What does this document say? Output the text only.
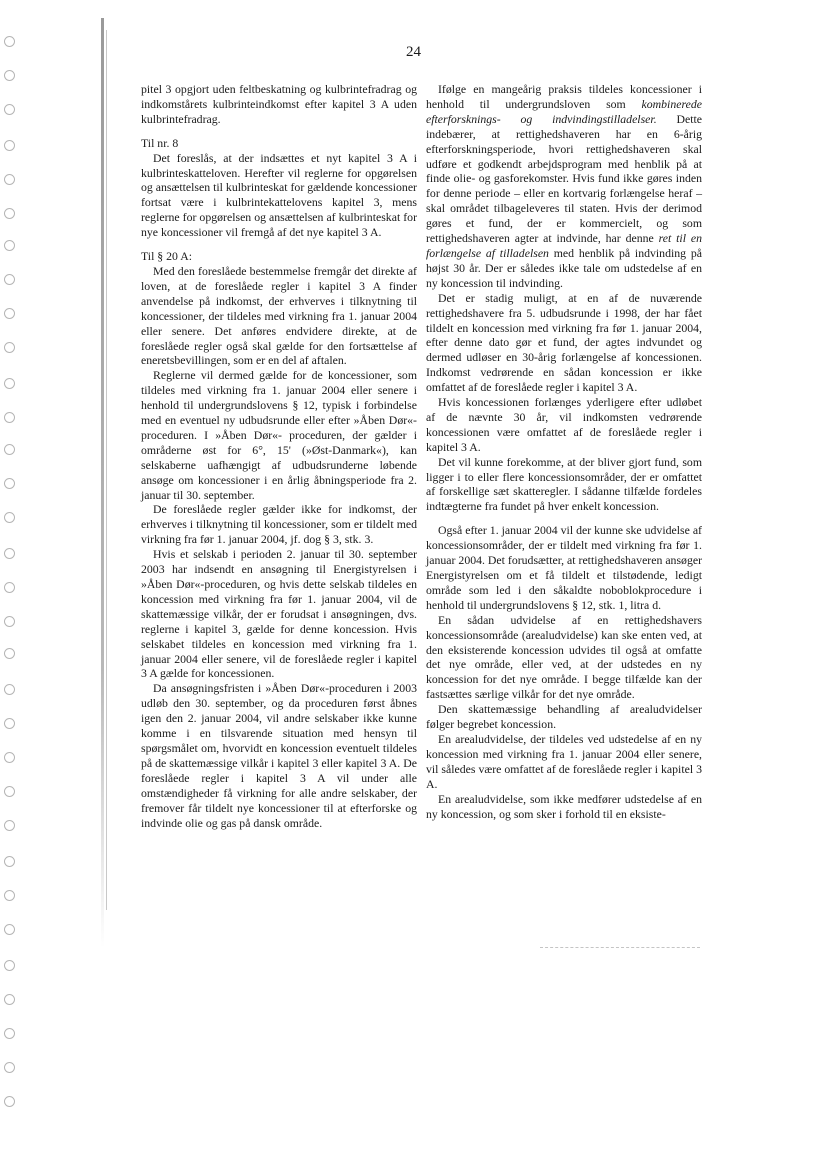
24

pitel 3 opgjort uden feltbeskatning og kulbrintefradrag og indkomstårets kulbrinteindkomst efter kapitel 3 A uden kulbrintefradrag.

Til nr. 8

Det foreslås, at der indsættes et nyt kapitel 3 A i kulbrinteskatteloven. Herefter vil reglerne for opgørelsen og ansættelsen til kulbrinteskat for gældende koncessioner fortsat være i kulbrintekattelovens kapitel 3, mens reglerne for opgørelsen og ansættelsen af kulbrinteskat for nye koncessioner vil fremgå af det nye kapitel 3 A.

Til § 20 A:

Med den foreslåede bestemmelse fremgår det direkte af loven, at de foreslåede regler i kapitel 3 A finder anvendelse på indkomst, der erhverves i tilknytning til koncessioner, der tildeles med virkning fra 1. januar 2004 eller senere. Det anføres endvidere direkte, at de foreslåede regler også skal gælde for den fortsættelse af eneretsbevillingen, som er en del af aftalen.

Reglerne vil dermed gælde for de koncessioner, som tildeles med virkning fra 1. januar 2004 eller senere i henhold til undergrundslovens § 12, typisk i forbindelse med en eventuel ny udbudsrunde eller efter »Åben Dør«-proceduren. I »Åben Dør«- proceduren, der gælder i områderne øst for 6°, 15' (»Øst-Danmark«), kan selskaberne uafhængigt af udbudsrunderne løbende ansøge om koncessioner i en årlig åbningsperiode fra 2. januar til 30. september.

De foreslåede regler gælder ikke for indkomst, der erhverves i tilknytning til koncessioner, som er tildelt med virkning fra før 1. januar 2004, jf. dog § 3, stk. 3.

Hvis et selskab i perioden 2. januar til 30. september 2003 har indsendt en ansøgning til Energistyrelsen i »Åben Dør«-proceduren, og hvis dette selskab tildeles en koncession med virkning fra før 1. januar 2004, vil de skattemæssige vilkår, der er forudsat i ansøgningen, dvs. reglerne i kapitel 3, gælde for denne koncession. Hvis selskabet tildeles en koncession med virkning fra 1. januar 2004 eller senere, vil de foreslåede regler i kapitel 3 A gælde for koncessionen.

Da ansøgningsfristen i »Åben Dør«-proceduren i 2003 udløb den 30. september, og da proceduren først åbnes igen den 2. januar 2004, vil andre selskaber ikke kunne komme i en tilsvarende situation med hensyn til spørgsmålet om, hvorvidt en koncession eventuelt tildeles på de skattemæssige vilkår i kapitel 3 eller kapitel 3 A. De foreslåede regler i kapitel 3 A vil under alle omstændigheder få virkning for alle andre selskaber, der fremover får tildelt nye koncessioner til at efterforske og indvinde olie og gas på dansk område.

Ifølge en mangeårig praksis tildeles koncessioner i henhold til undergrundsloven som kombinerede efterforsknings- og indvindingstilladelser. Dette indebærer, at rettighedshaveren har en 6-årig efterforskningsperiode, hvori rettighedshaveren skal udføre et godkendt arbejdsprogram med henblik på at finde olie- og gasforekomster. Hvis fund ikke gøres inden for denne periode – eller en kortvarig forlængelse heraf – skal området tilbageleveres til staten. Hvis der derimod gøres et fund, der er kommercielt, og som rettighedshaveren agter at indvinde, har denne ret til en forlængelse af tilladelsen med henblik på indvinding på højst 30 år. Der er således ikke tale om udstedelse af en ny koncession til indvinding.

Det er stadig muligt, at en af de nuværende rettighedshavere fra 5. udbudsrunde i 1998, der har fået tildelt en koncession med virkning fra før 1. januar 2004, efter denne dato gør et fund, der agtes indvundet og dermed udløser en 30-årig forlængelse af koncessionen. Indkomst vedrørende en sådan koncession er ikke omfattet af de foreslåede regler i kapitel 3 A.

Hvis koncessionen forlænges yderligere efter udløbet af de nævnte 30 år, vil indkomsten vedrørende koncessionen være omfattet af de foreslåede regler i kapitel 3 A.

Det vil kunne forekomme, at der bliver gjort fund, som ligger i to eller flere koncessionsområder, der er omfattet af forskellige sæt skatteregler. I sådanne tilfælde fordeles indtægterne fra fundet på hver enkelt koncession.

Også efter 1. januar 2004 vil der kunne ske udvidelse af koncessionsområder, der er tildelt med virkning fra før 1. januar 2004. Det forudsætter, at rettighedshaveren ansøger Energistyrelsen om et få tildelt et tilstødende, ledigt område som led i den såkaldte noboblokprocedure i henhold til undergrundslovens § 12, stk. 1, litra d.

En sådan udvidelse af en rettighedshavers koncessionsområde (arealudvidelse) kan ske enten ved, at den eksisterende koncession udvides til også at omfatte det nye område, eller ved, at der udstedes en ny koncession for det nye område. I begge tilfælde kan der fastsættes særlige vilkår for det nye område.

Den skattemæssige behandling af arealudvidelser følger begrebet koncession.

En arealudvidelse, der tildeles ved udstedelse af en ny koncession med virkning fra 1. januar 2004 eller senere, vil således være omfattet af de foreslåede regler i kapitel 3 A.

En arealudvidelse, som ikke medfører udstedelse af en ny koncession, og som sker i forhold til en eksiste-
